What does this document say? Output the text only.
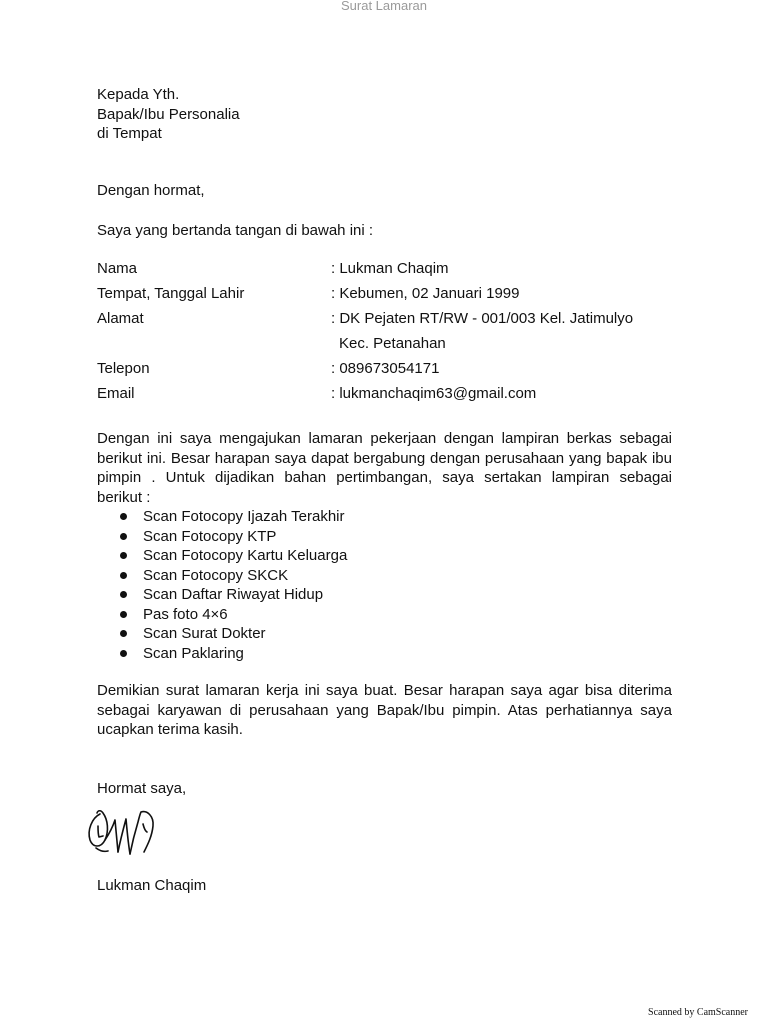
Surat Lamaran
Kepada Yth.
Bapak/Ibu Personalia
di Tempat
Dengan hormat,
Saya yang bertanda tangan di bawah ini :
Nama	: Lukman Chaqim
Tempat, Tanggal Lahir	: Kebumen, 02 Januari 1999
Alamat	: DK Pejaten RT/RW - 001/003 Kel. Jatimulyo
Kec. Petanahan
Telepon	: 089673054171
Email	: lukmanchaqim63@gmail.com
Dengan ini saya mengajukan lamaran pekerjaan dengan lampiran berkas sebagai
berikut ini. Besar harapan saya dapat bergabung dengan perusahaan yang bapak ibu
pimpin . Untuk dijadikan bahan pertimbangan, saya sertakan lampiran sebagai
berikut :
Scan Fotocopy Ijazah Terakhir
Scan Fotocopy KTP
Scan Fotocopy Kartu Keluarga
Scan Fotocopy SKCK
Scan Daftar Riwayat Hidup
Pas foto 4×6
Scan Surat Dokter
Scan Paklaring
Demikian surat lamaran kerja ini saya buat. Besar harapan saya agar bisa diterima
sebagai karyawan di perusahaan yang Bapak/Ibu pimpin. Atas perhatiannya saya
ucapkan terima kasih.
Hormat saya,
Lukman Chaqim
Scanned by CamScanner
